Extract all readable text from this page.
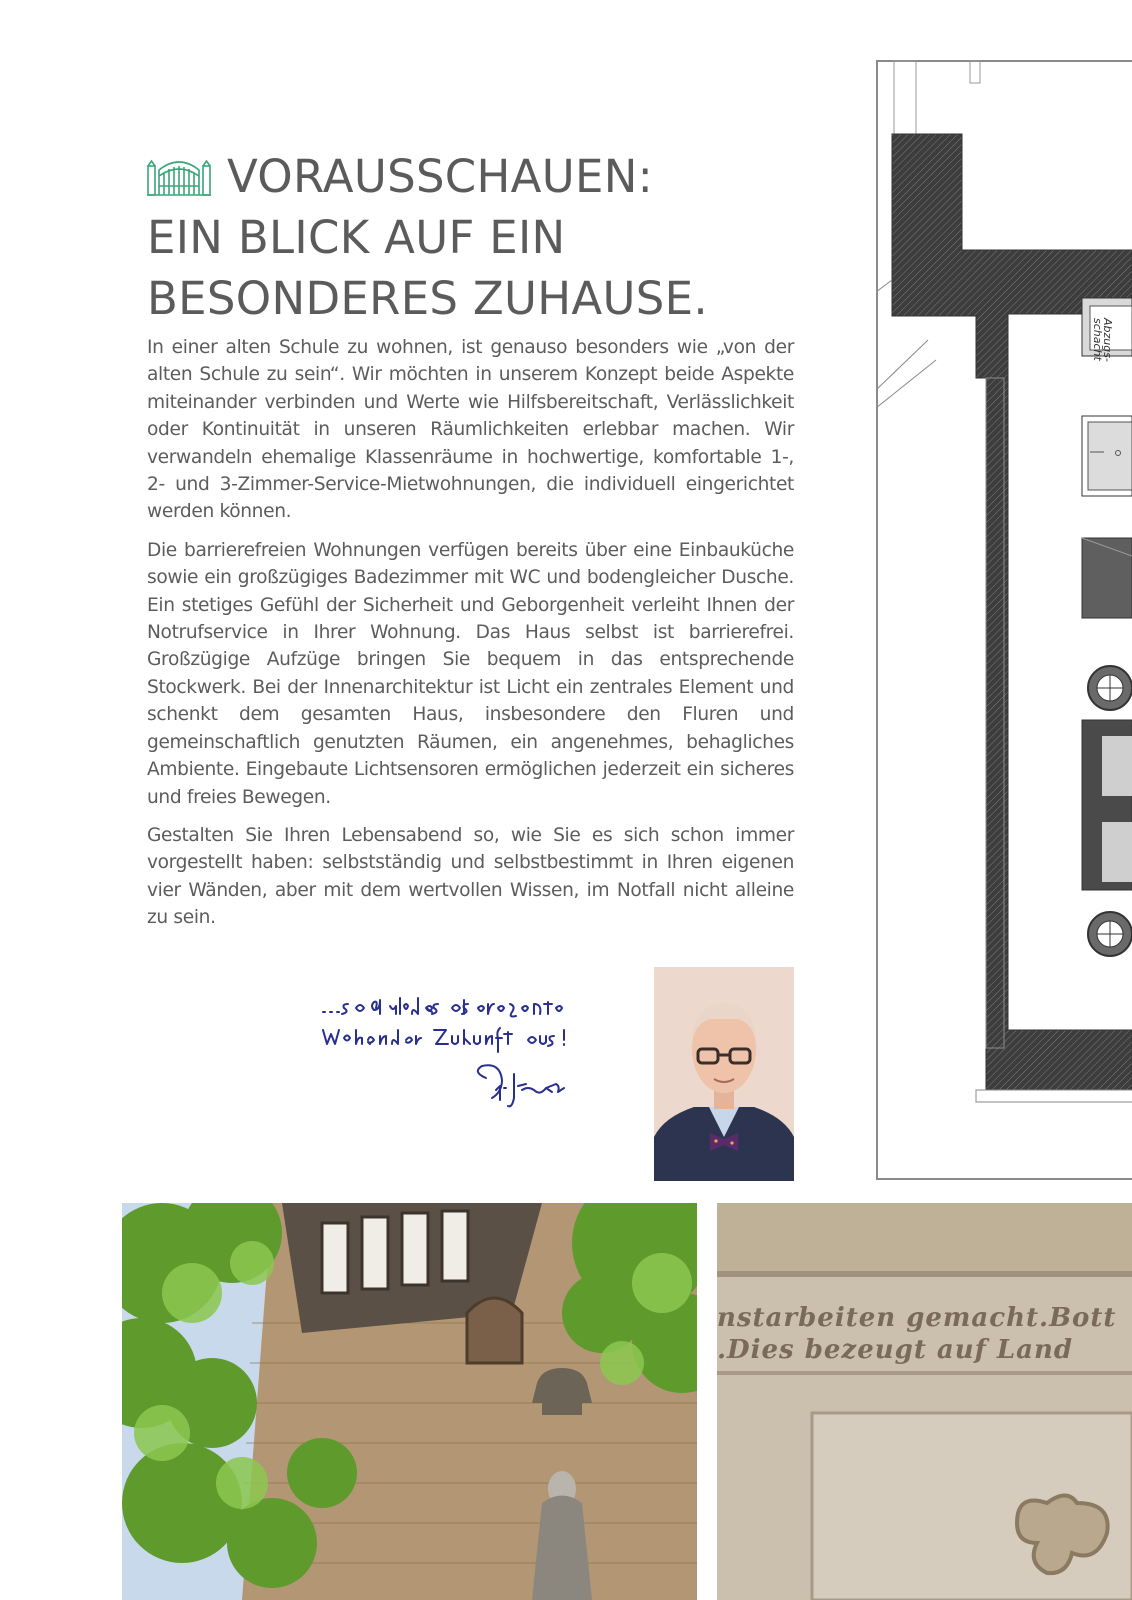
VORAUSSCHAUEN:
EIN BLICK AUF EIN
BESONDERES ZUHAUSE.

In einer alten Schule zu wohnen, ist genauso besonders wie „von der alten Schule zu sein“. Wir möchten in unserem Konzept beide Aspekte miteinander verbinden und Werte wie Hilfsbereitschaft, Verlässlichkeit oder Kontinuität in unseren Räumlichkeiten erlebbar machen. Wir verwandeln ehemalige Klassenräume in hochwertige, komfortable 1-, 2- und 3-Zimmer-Service-Mietwohnungen, die individuell eingerichtet werden können.

Die barrierefreien Wohnungen verfügen bereits über eine Einbauküche sowie ein großzügiges Badezimmer mit WC und bodengleicher Dusche. Ein stetiges Gefühl der Sicherheit und Geborgenheit verleiht Ihnen der Notrufservice in Ihrer Wohnung. Das Haus selbst ist barrierefrei. Großzügige Aufzüge bringen Sie bequem in das entsprechende Stockwerk. Bei der Innenarchitektur ist Licht ein zentrales Element und schenkt dem gesamten Haus, insbesondere den Fluren und gemeinschaftlich genutzten Räumen, ein angenehmes, behagliches Ambiente. Eingebaute Lichtsensoren ermöglichen jederzeit ein sicheres und freies Bewegen.

Gestalten Sie Ihren Lebensabend so, wie Sie es sich schon immer vorgestellt haben: selbstständig und selbstbestimmt in Ihren eigenen vier Wänden, aber mit dem wertvollen Wissen, im Notfall nicht alleine zu sein.

Abzugs-
schacht
nstarbeiten gemacht.Bott
.Dies bezeugt auf Land
